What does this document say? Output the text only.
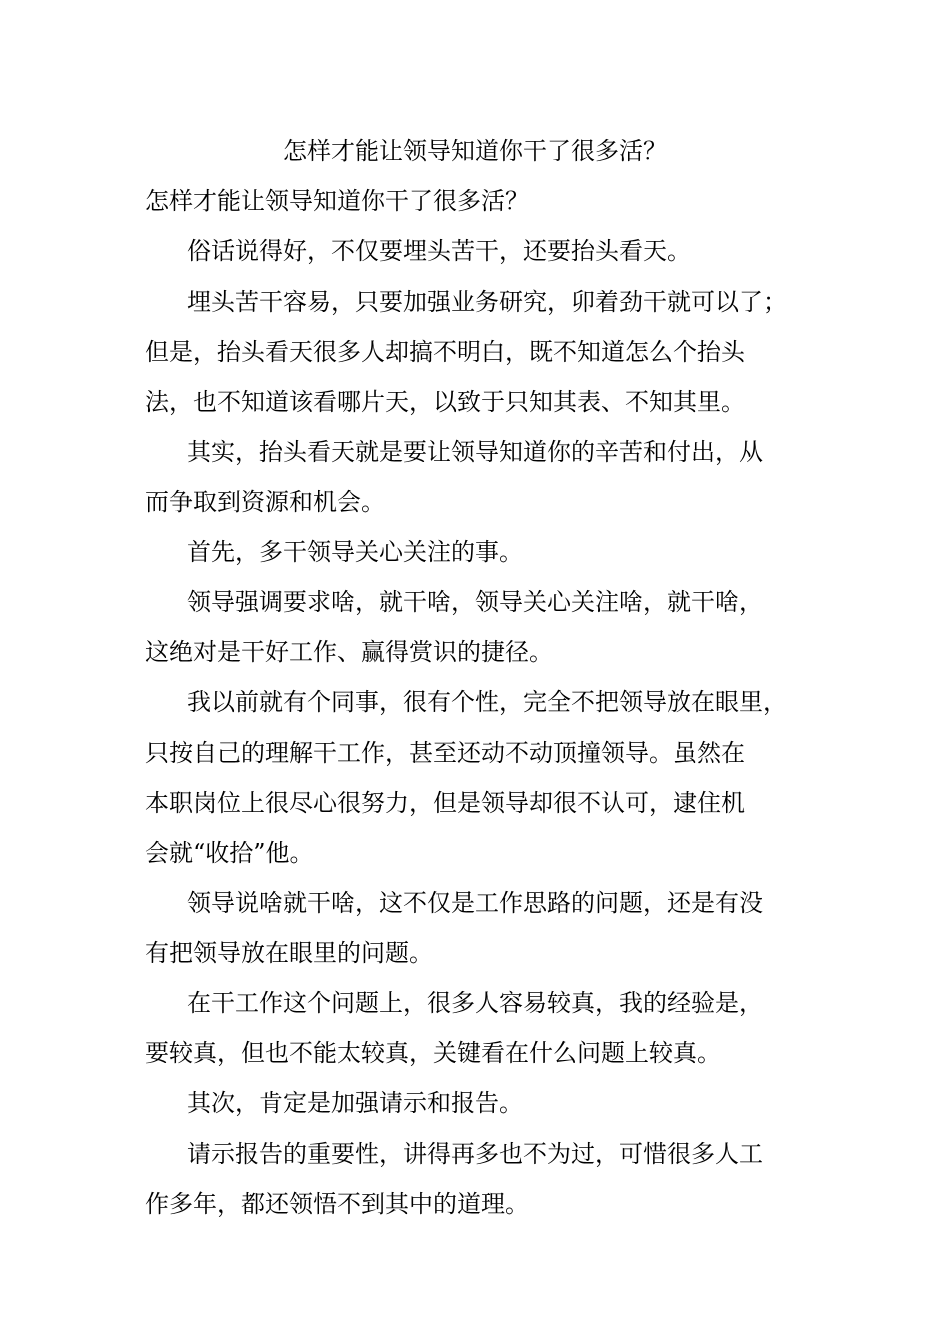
怎样才能让领导知道你干了很多活？
怎样才能让领导知道你干了很多活？
俗话说得好，不仅要埋头苦干，还要抬头看天。
埋头苦干容易，只要加强业务研究，卯着劲干就可以了；
但是，抬头看天很多人却搞不明白，既不知道怎么个抬头
法，也不知道该看哪片天，以致于只知其表、不知其里。
其实，抬头看天就是要让领导知道你的辛苦和付出，从
而争取到资源和机会。
首先，多干领导关心关注的事。
领导强调要求啥，就干啥，领导关心关注啥，就干啥，
这绝对是干好工作、赢得赏识的捷径。
我以前就有个同事，很有个性，完全不把领导放在眼里，
只按自己的理解干工作，甚至还动不动顶撞领导。虽然在
本职岗位上很尽心很努力，但是领导却很不认可，逮住机
会就“收拾”他。
领导说啥就干啥，这不仅是工作思路的问题，还是有没
有把领导放在眼里的问题。
在干工作这个问题上，很多人容易较真，我的经验是，
要较真，但也不能太较真，关键看在什么问题上较真。
其次，肯定是加强请示和报告。
请示报告的重要性，讲得再多也不为过，可惜很多人工
作多年，都还领悟不到其中的道理。
